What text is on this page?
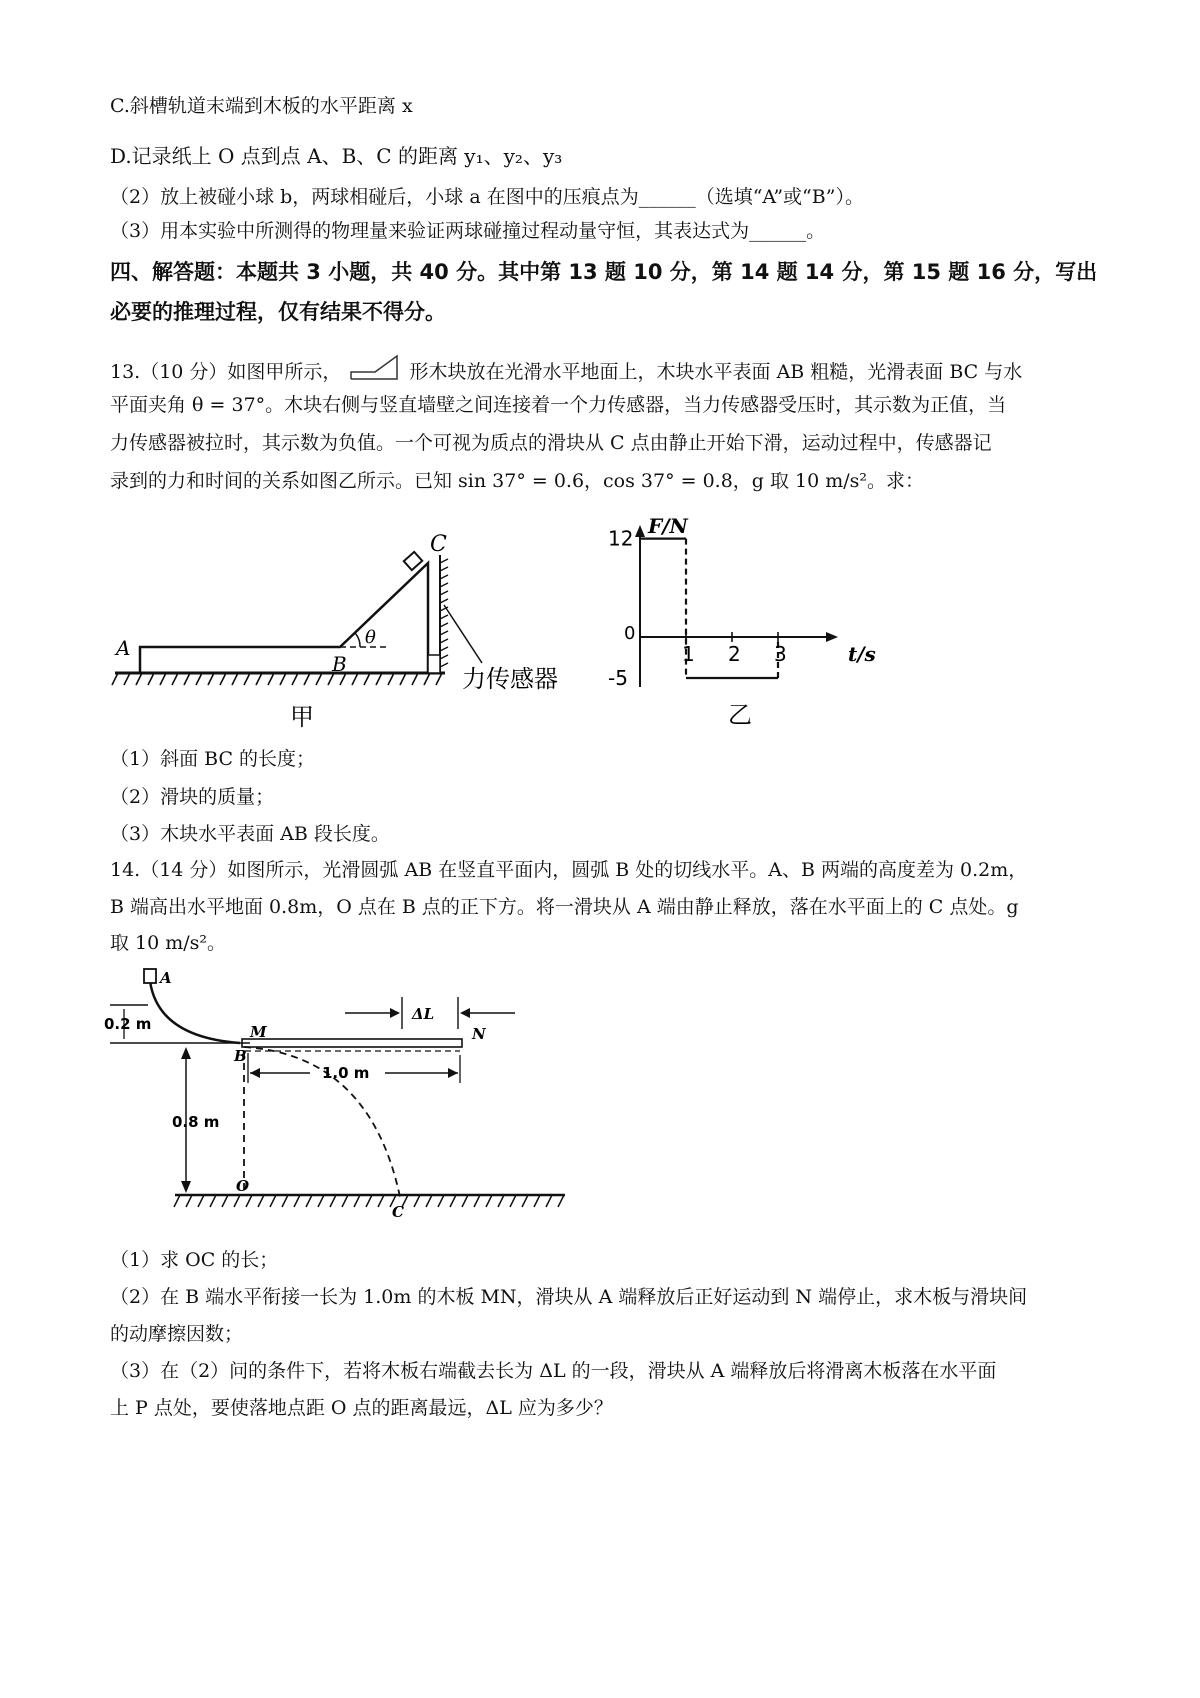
C.斜槽轨道末端到木板的水平距离 x
D.记录纸上 O 点到点 A、B、C 的距离 y₁、y₂、y₃
（2）放上被碰小球 b，两球相碰后，小球 a 在图中的压痕点为______（选填“A”或“B”）。
（3）用本实验中所测得的物理量来验证两球碰撞过程动量守恒，其表达式为______。
四、解答题：本题共 3 小题，共 40 分。其中第 13 题 10 分，第 14 题 14 分，第 15 题 16 分，写出必要的推理过程，仅有结果不得分。
13.（10 分）如图甲所示，	形木块放在光滑水平地面上，木块水平表面 AB 粗糙，光滑表面 BC 与水
平面夹角 θ = 37°。木块右侧与竖直墙壁之间连接着一个力传感器，当力传感器受压时，其示数为正值，当
力传感器被拉时，其示数为负值。一个可视为质点的滑块从 C 点由静止开始下滑，运动过程中，传感器记
录到的力和时间的关系如图乙所示。已知 sin 37° = 0.6，cos 37° = 0.8，g 取 10 m/s²。求：
A
B
C
θ
力传感器
甲
12
-5
1 2 3
F/N
t/s
0
乙
（1）斜面 BC 的长度；
（2）滑块的质量；
（3）木块水平表面 AB 段长度。
14.（14 分）如图所示，光滑圆弧 AB 在竖直平面内，圆弧 B 处的切线水平。A、B 两端的高度差为 0.2m，
B 端高出水平地面 0.8m，O 点在 B 点的正下方。将一滑块从 A 端由静止释放，落在水平面上的 C 点处。g
取 10 m/s²。
A
M
B
N
O
C
ΔL
0.2 m
0.8 m
1.0 m
（1）求 OC 的长；
（2）在 B 端水平衔接一长为 1.0m 的木板 MN，滑块从 A 端释放后正好运动到 N 端停止，求木板与滑块间
的动摩擦因数；
（3）在（2）问的条件下，若将木板右端截去长为 ΔL 的一段，滑块从 A 端释放后将滑离木板落在水平面
上 P 点处，要使落地点距 O 点的距离最远，ΔL 应为多少？
